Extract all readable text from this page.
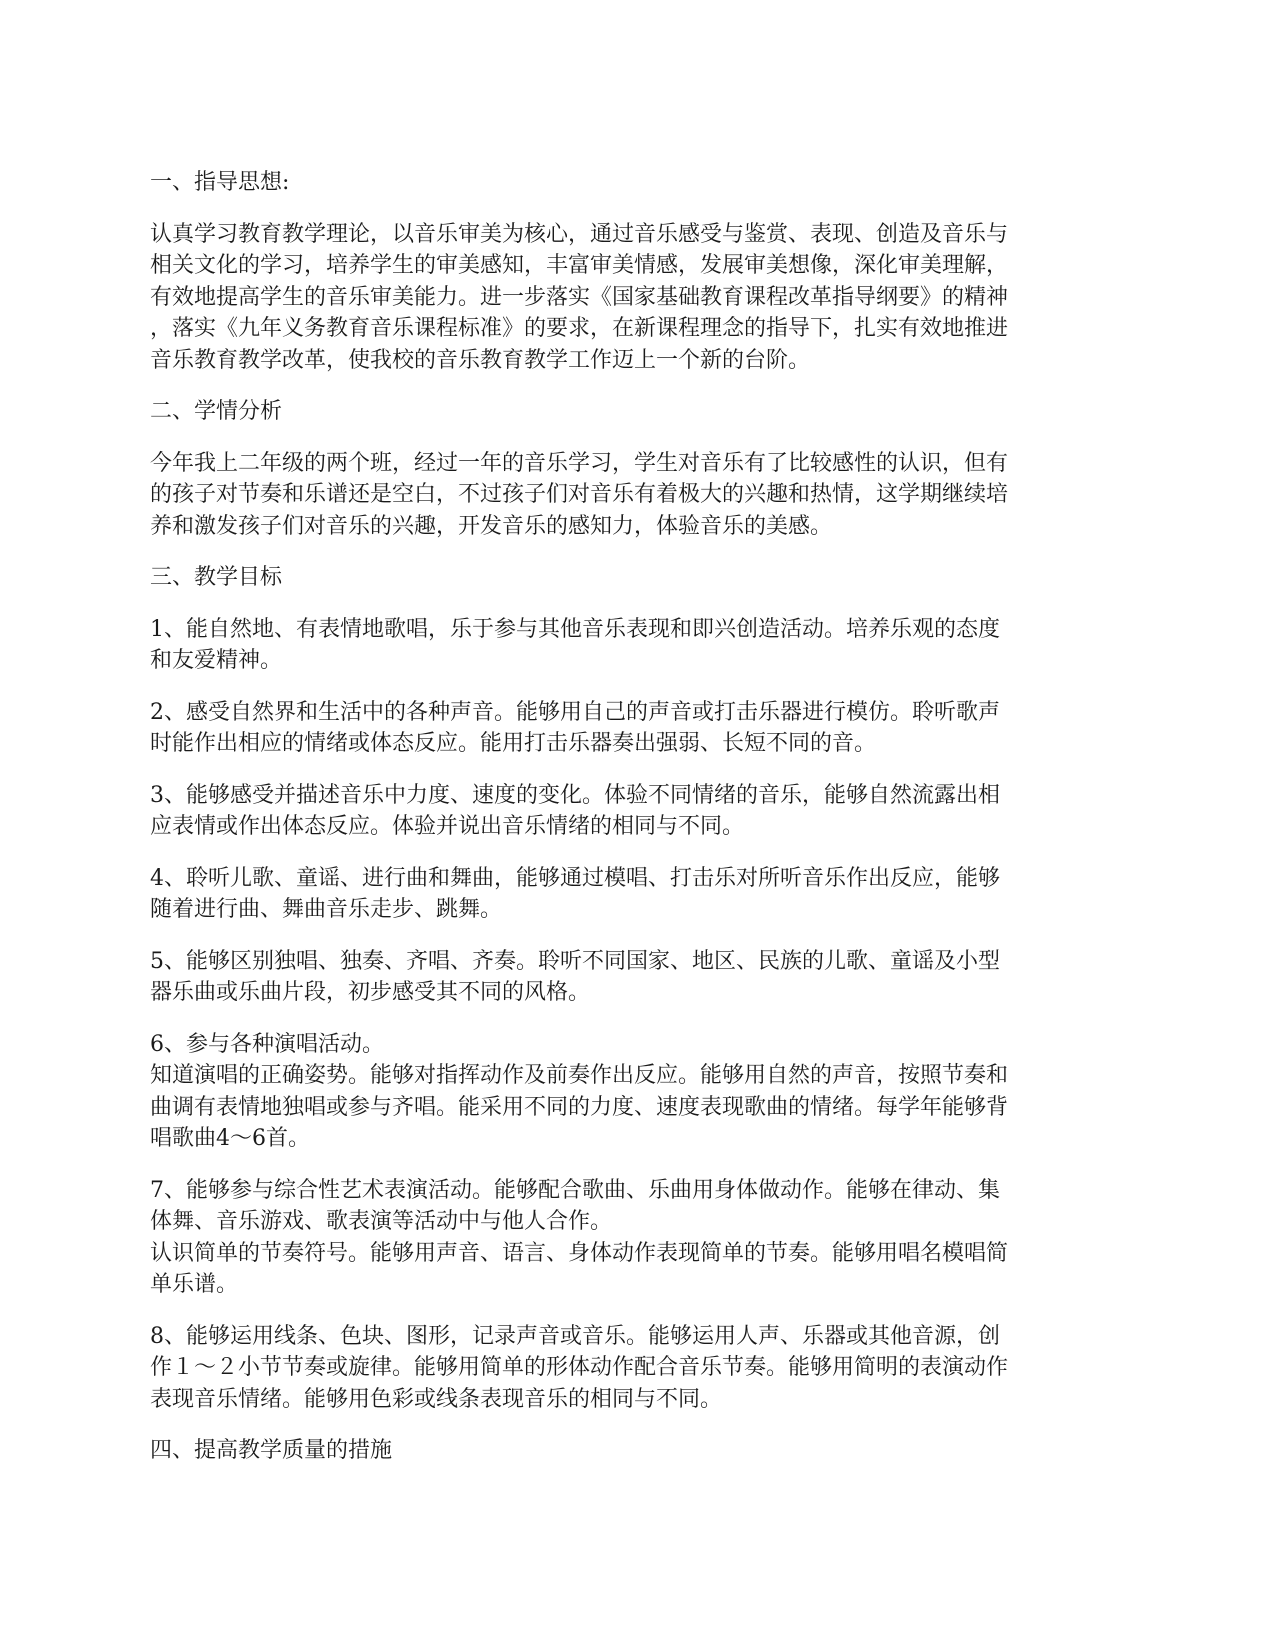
一、指导思想:
认真学习教育教学理论，以音乐审美为核心，通过音乐感受与鉴赏、表现、创造及音乐与
相关文化的学习，培养学生的审美感知，丰富审美情感，发展审美想像，深化审美理解，
有效地提高学生的音乐审美能力。进一步落实《国家基础教育课程改革指导纲要》的精神
，落实《九年义务教育音乐课程标准》的要求，在新课程理念的指导下，扎实有效地推进
音乐教育教学改革，使我校的音乐教育教学工作迈上一个新的台阶。
二、学情分析
今年我上二年级的两个班，经过一年的音乐学习，学生对音乐有了比较感性的认识，但有
的孩子对节奏和乐谱还是空白，不过孩子们对音乐有着极大的兴趣和热情，这学期继续培
养和激发孩子们对音乐的兴趣，开发音乐的感知力，体验音乐的美感。
三、教学目标
1、能自然地、有表情地歌唱，乐于参与其他音乐表现和即兴创造活动。培养乐观的态度
和友爱精神。
2、感受自然界和生活中的各种声音。能够用自己的声音或打击乐器进行模仿。聆听歌声
时能作出相应的情绪或体态反应。能用打击乐器奏出强弱、长短不同的音。
3、能够感受并描述音乐中力度、速度的变化。体验不同情绪的音乐，能够自然流露出相
应表情或作出体态反应。体验并说出音乐情绪的相同与不同。
4、聆听儿歌、童谣、进行曲和舞曲，能够通过模唱、打击乐对所听音乐作出反应，能够
随着进行曲、舞曲音乐走步、跳舞。
5、能够区别独唱、独奏、齐唱、齐奏。聆听不同国家、地区、民族的儿歌、童谣及小型
器乐曲或乐曲片段，初步感受其不同的风格。
6、参与各种演唱活动。
知道演唱的正确姿势。能够对指挥动作及前奏作出反应。能够用自然的声音，按照节奏和
曲调有表情地独唱或参与齐唱。能采用不同的力度、速度表现歌曲的情绪。每学年能够背
唱歌曲4～6首。
7、能够参与综合性艺术表演活动。能够配合歌曲、乐曲用身体做动作。能够在律动、集
体舞、音乐游戏、歌表演等活动中与他人合作。
认识简单的节奏符号。能够用声音、语言、身体动作表现简单的节奏。能够用唱名模唱简
单乐谱。
8、能够运用线条、色块、图形，记录声音或音乐。能够运用人声、乐器或其他音源，创
作１～２小节节奏或旋律。能够用简单的形体动作配合音乐节奏。能够用简明的表演动作
表现音乐情绪。能够用色彩或线条表现音乐的相同与不同。
四、提高教学质量的措施
